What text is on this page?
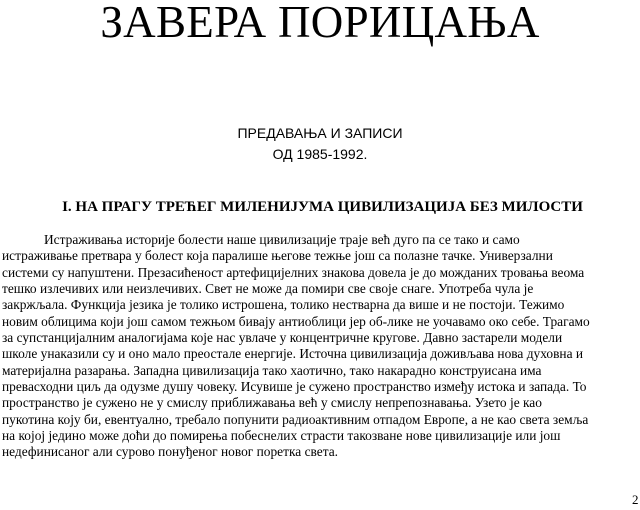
ЗАВЕРА ПОРИЦАЊА
ПРЕДАВАЊА И ЗАПИСИ
ОД 1985-1992.
I. НА ПРАГУ ТРЕЋЕГ МИЛЕНИЈУМА ЦИВИЛИЗАЦИЈА БЕЗ МИЛОСТИ

Истраживања историје болести наше цивилизације траје већ дуго па се тако и само
истраживање претвара у болест која паралише његове тежње још са полазне тачке. Универзални
системи су напуштени. Презасићеност артефицијелних знакова довела је до можданих тровања веома
тешко излечивих или неизлечивих. Свет не може да помири све своје снаге. Употреба чула је
закржљала. Функција језика је толико истрошена, толико нестварна да више и не постоји. Тежимо
новим облицима који још самом тежњом бивају антиоблици јер об-лике не уочавамо око себе. Трагамо
за супстанцијалним аналогијама које нас увлаче у концентричне кругове. Давно застарели модели
школе унаказили су и оно мало преостале енергије. Источна цивилизација доживљава нова духовна и
материјална разарања. Западна цивилизација тако хаотично, тако накарадно конструисана има
превасходни циљ да одузме душу човеку. Исувише је сужено пространство између истока и запада. То
пространство је сужено не у смислу приближавања већ у смислу непрепознавања. Узето је као
пукотина коју би, евентуално, требало попунити радиоактивним отпадом Европе, а не као света земља
на којој једино може доћи до помирења побеснелих страсти такозване нове цивилизације или још
недефинисаног али сурово понуђеног новог поретка света.

2
